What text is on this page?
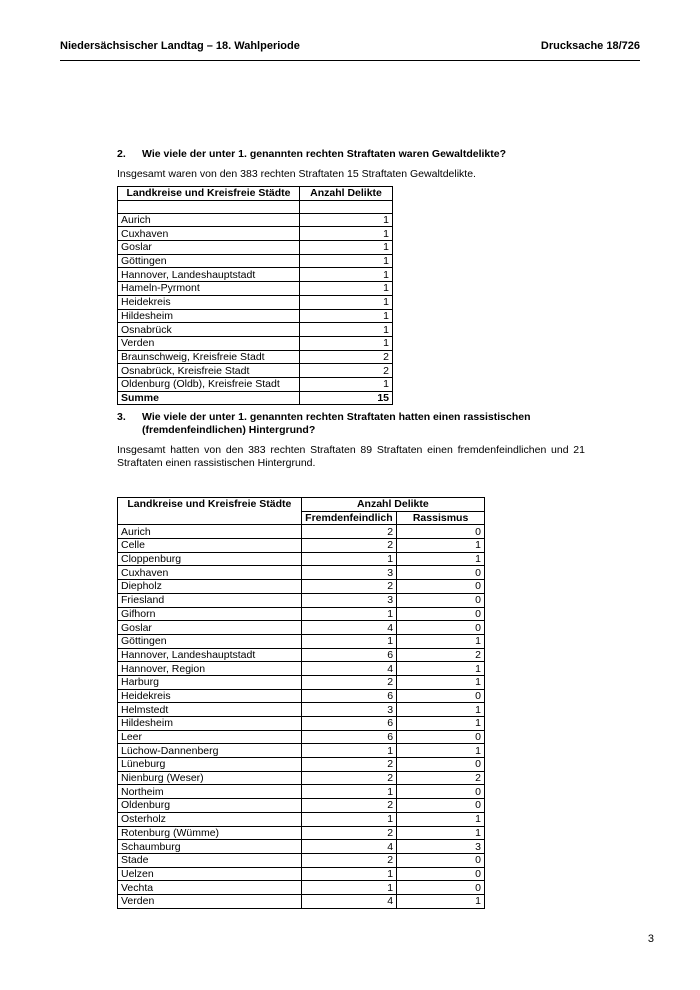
Niedersächsischer Landtag – 18. Wahlperiode	Drucksache 18/726
2.	Wie viele der unter 1. genannten rechten Straftaten waren Gewaltdelikte?
Insgesamt waren von den 383 rechten Straftaten 15 Straftaten Gewaltdelikte.
Landkreise und Kreisfreie Städte	Anzahl Delikte

Aurich	1
Cuxhaven	1
Goslar	1
Göttingen	1
Hannover, Landeshauptstadt	1
Hameln-Pyrmont	1
Heidekreis	1
Hildesheim	1
Osnabrück	1
Verden	1
Braunschweig, Kreisfreie Stadt	2
Osnabrück, Kreisfreie Stadt	2
Oldenburg (Oldb), Kreisfreie Stadt	1
Summe	15
3.	Wie viele der unter 1. genannten rechten Straftaten hatten einen rassistischen (fremdenfeindlichen) Hintergrund?
Insgesamt hatten von den 383 rechten Straftaten 89 Straftaten einen fremdenfeindlichen und 21 Straftaten einen rassistischen Hintergrund.
Landkreise und Kreisfreie Städte	Anzahl Delikte	
	Fremdenfeindlich	Rassismus
Aurich	2	0
Celle	2	1
Cloppenburg	1	1
Cuxhaven	3	0
Diepholz	2	0
Friesland	3	0
Gifhorn	1	0
Goslar	4	0
Göttingen	1	1
Hannover, Landeshauptstadt	6	2
Hannover, Region	4	1
Harburg	2	1
Heidekreis	6	0
Helmstedt	3	1
Hildesheim	6	1
Leer	6	0
Lüchow-Dannenberg	1	1
Lüneburg	2	0
Nienburg (Weser)	2	2
Northeim	1	0
Oldenburg	2	0
Osterholz	1	1
Rotenburg (Wümme)	2	1
Schaumburg	4	3
Stade	2	0
Uelzen	1	0
Vechta	1	0
Verden	4	1
3
